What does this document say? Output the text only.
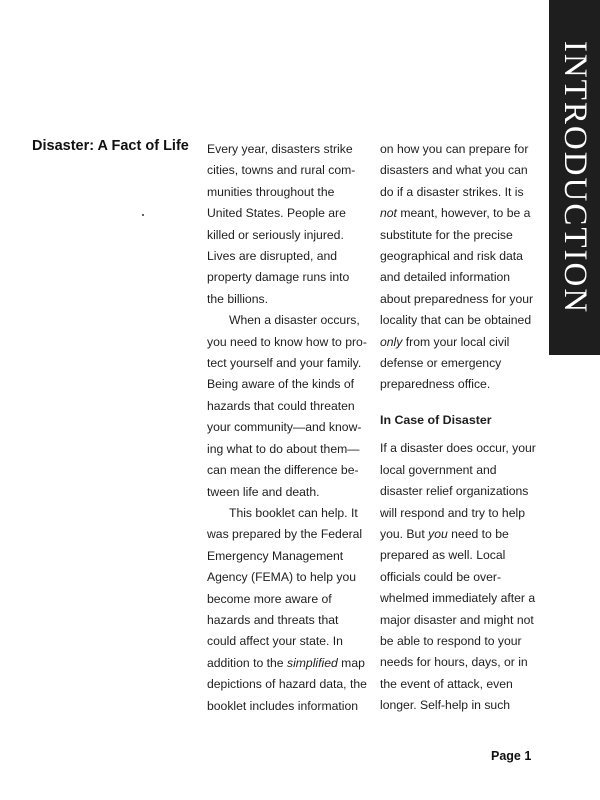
INTRODUCTION
Disaster: A Fact of Life	Every year, disasters strike
cities, towns and rural com-
munities throughout the
United States. People are
killed or seriously injured.
Lives are disrupted, and
property damage runs into
the billions.
When a disaster occurs,
you need to know how to pro-
tect yourself and your family.
Being aware of the kinds of
hazards that could threaten
your community—and know-
ing what to do about them—
can mean the difference be-
tween life and death.
This booklet can help. It
was prepared by the Federal
Emergency Management
Agency (FEMA) to help you
become more aware of
hazards and threats that
could affect your state. In
addition to the simplified map
depictions of hazard data, the
booklet includes information
on how you can prepare for
disasters and what you can
do if a disaster strikes. It is
not meant, however, to be a
substitute for the precise
geographical and risk data
and detailed information
about preparedness for your
locality that can be obtained
only from your local civil
defense or emergency
preparedness office.
In Case of Disaster
If a disaster does occur, your
local government and
disaster relief organizations
will respond and try to help
you. But you need to be
prepared as well. Local
officials could be over-
whelmed immediately after a
major disaster and might not
be able to respond to your
needs for hours, days, or in
the event of attack, even
longer. Self-help in such
Page 1
